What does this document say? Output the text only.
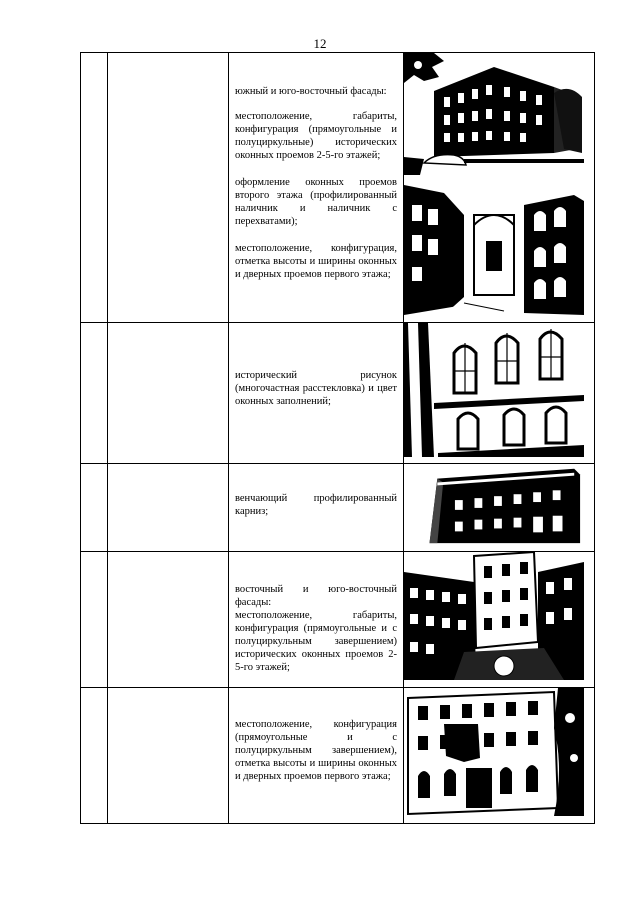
12

		южный и юго-восточный фасады:

местоположение, габариты, конфигурация (прямоугольные и полуциркульные) исторических оконных проемов 2-5-го этажей;

оформление оконных проемов второго этажа (профилированный наличник и наличник с перехватами);

местоположение, конфигурация, отметка высоты и ширины оконных и дверных проемов первого этажа;

		исторический рисунок (многочастная расстекловка) и цвет оконных заполнений;

		венчающий профилированный карниз;

		восточный и юго-восточный фасады:
местоположение, габариты, конфигурация (прямоугольные и с полуциркульным завершением) исторических оконных проемов 2-5-го этажей;

		местоположение, конфигурация (прямоугольные и с полуциркульным завершением), отметка высоты и ширины оконных и дверных проемов первого этажа;
